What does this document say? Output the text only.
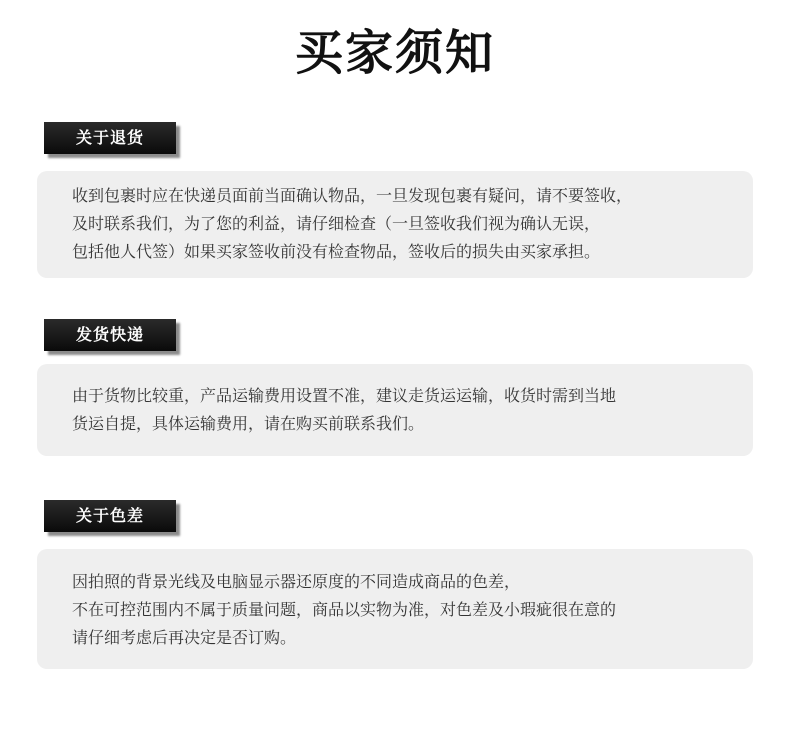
买家须知
关于退货

收到包裹时应在快递员面前当面确认物品，一旦发现包裹有疑问，请不要签收，

及时联系我们，为了您的利益，请仔细检查（一旦签收我们视为确认无误，

包括他人代签）如果买家签收前没有检查物品，签收后的损失由买家承担。

发货快递

由于货物比较重，产品运输费用设置不准，建议走货运运输，收货时需到当地

货运自提，具体运输费用，请在购买前联系我们。

关于色差

因拍照的背景光线及电脑显示器还原度的不同造成商品的色差，

不在可控范围内不属于质量问题，商品以实物为准，对色差及小瑕疵很在意的

请仔细考虑后再决定是否订购。
